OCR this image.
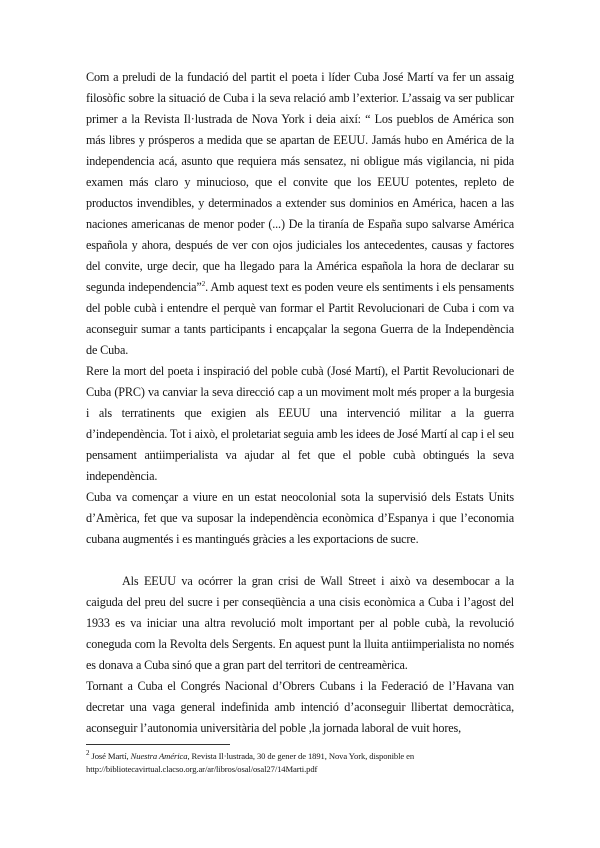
Com a preludi de la fundació del partit el poeta i líder Cuba José Martí va fer un assaig filosòfic sobre la situació de Cuba i la seva relació amb l’exterior. L’assaig va ser publicar primer a la Revista Il·lustrada de Nova York i deia així: “ Los pueblos de América son más libres y prósperos a medida que se apartan de EEUU. Jamás hubo en América de la independencia acá, asunto que requiera más sensatez, ni obligue más vigilancia, ni pida examen más claro y minucioso, que el convite que los EEUU potentes, repleto de productos invendibles, y determinados a extender sus dominios en América, hacen a las naciones americanas de menor poder (...) De la tiranía de España supo salvarse América española y ahora, después de ver con ojos judiciales los antecedentes, causas y factores del convite, urge decir, que ha llegado para la América española la hora de declarar su segunda independencia”$^2$. Amb aquest text es poden veure els sentiments i els pensaments del poble cubà i entendre el perquè van formar el Partit Revolucionari de Cuba i com va aconseguir sumar a tants participants i encapçalar la segona Guerra de la Independència de Cuba.

Rere la mort del poeta i inspiració del poble cubà (José Martí), el Partit Revolucionari de Cuba (PRC) va canviar la seva direcció cap a un moviment molt més proper a la burgesia i als terratinents que exigien als EEUU una intervenció militar a la guerra d’independència. Tot i això, el proletariat seguia amb les idees de José Martí al cap i el seu pensament antiimperialista va ajudar al fet que el poble cubà obtingués la seva independència.

Cuba va començar a viure en un estat neocolonial sota la supervisió dels Estats Units d’Amèrica, fet que va suposar la independència econòmica d’Espanya i que l’economia cubana augmentés i es mantingués gràcies a les exportacions de sucre.

Als EEUU va ocórrer la gran crisi de Wall Street i això va desembocar a la caiguda del preu del sucre i per conseqüència a una cisis econòmica a Cuba i l’agost del 1933 es va iniciar una altra revolució molt important per al poble cubà, la revolució coneguda com la Revolta dels Sergents. En aquest punt la lluita antiimperialista no només es donava a Cuba sinó que a gran part del territori de centreamèrica.

Tornant a Cuba el Congrés Nacional d’Obrers Cubans i la Federació de l’Havana van decretar una vaga general indefinida amb intenció d’aconseguir llibertat democràtica, aconseguir l’autonomia universitària del poble ,la jornada laboral de vuit hores,

$^2$ José Martí, Nuestra América, Revista Il·lustrada, 30 de gener de 1891, Nova York, disponible en
http://bibliotecavirtual.clacso.org.ar/ar/libros/osal/osal27/14Marti.pdf
